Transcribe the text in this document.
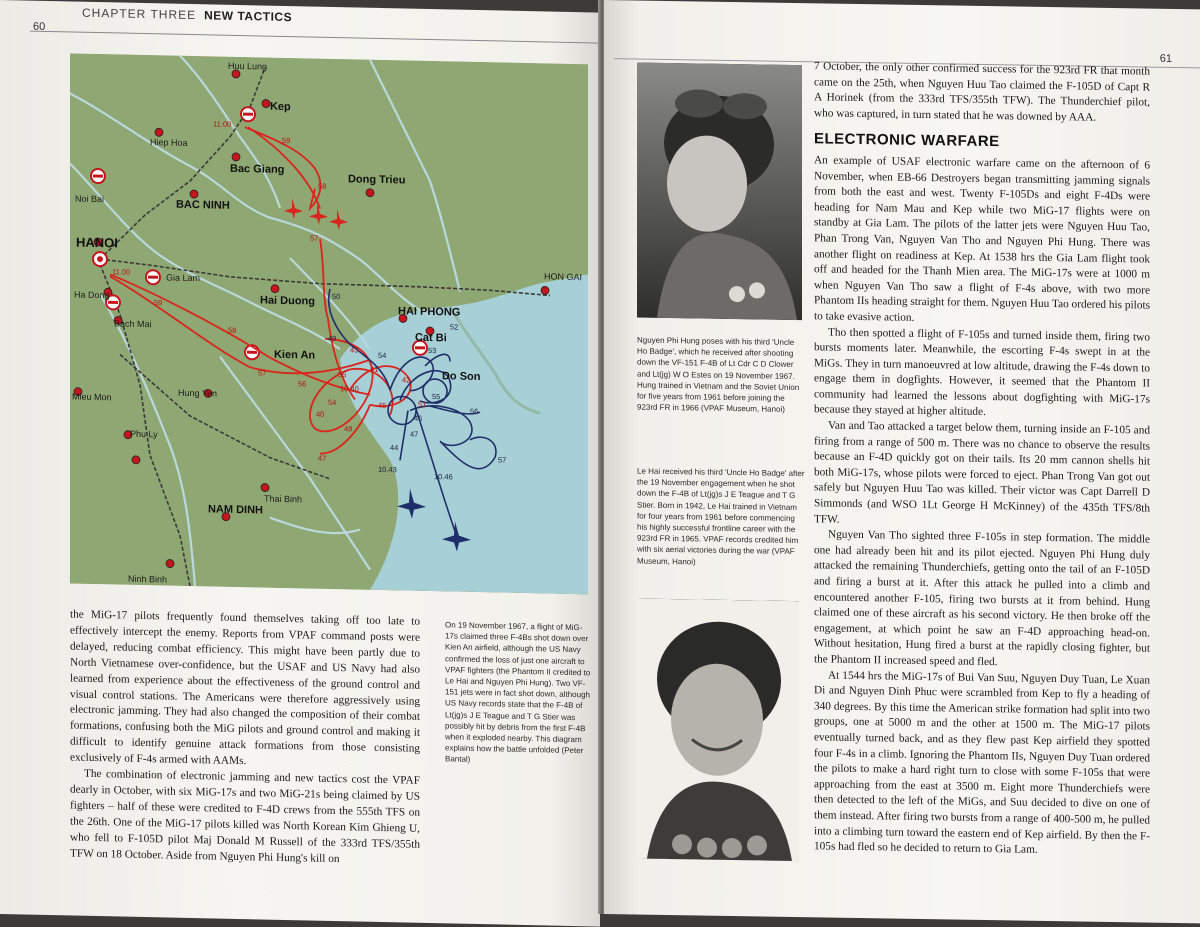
60
CHAPTER THREE NEW TACTICS
Huu Lung
Kep
Hiep Hoa
Bac Giang
Dong Trieu
Noi Bai	BAC NINH
HANOI
Gia Lam	HON GAI
Ha Dong	Hai Duong
HAI PHONG
Bach Mai
Cat Bi
Kien An
Do Son
Hung Yen
Mieu Mon
Phu Ly
NAM DINH
Thai Binh
Ninh Binh
11.00
11.00
59
58
57
59
58
57
56
55
54
43
10.40
40
48
47
41
45	51
42
50
49
52
53
44
47
10.43
10.46
56
57
55
54
46

the MiG-17 pilots frequently found themselves taking off too late to effectively intercept the enemy. Reports from VPAF command posts were delayed, reducing combat efficiency. This might have been partly due to North Vietnamese over-confidence, but the USAF and US Navy had also learned from experience about the effectiveness of the ground control and visual control stations. The Americans were therefore aggressively using electronic jamming. They had also changed the composition of their combat formations, confusing both the MiG pilots and ground control and making it difficult to identify genuine attack formations from those consisting exclusively of F-4s armed with AAMs.

The combination of electronic jamming and new tactics cost the VPAF dearly in October, with six MiG-17s and two MiG-21s being claimed by US fighters – half of these were credited to F-4D crews from the 555th TFS on the 26th. One of the MiG-17 pilots killed was North Korean Kim Ghieng U, who fell to F-105D pilot Maj Donald M Russell of the 333rd TFS/355th TFW on 18 October. Aside from Nguyen Phi Hung's kill on

On 19 November 1967, a flight of MiG-17s claimed three F-4Bs shot down over Kien An airfield, although the US Navy confirmed the loss of just one aircraft to VPAF fighters (the Phantom II credited to Le Hai and Nguyen Phi Hung). Two VF-151 jets were in fact shot down, although US Navy records state that the F-4B of Lt(jg)s J E Teague and T G Stier was possibly hit by debris from the first F-4B when it exploded nearby. This diagram explains how the battle unfolded (Peter Bantal)
61
Nguyen Phi Hung poses with his third 'Uncle Ho Badge', which he received after shooting down the VF-151 F-4B of Lt Cdr C D Clower and Lt(jg) W O Estes on 19 November 1967. Hung trained in Vietnam and the Soviet Union for five years from 1961 before joining the 923rd FR in 1966 (VPAF Museum, Hanoi)
Le Hai received his third 'Uncle Ho Badge' after the 19 November engagement when he shot down the F-4B of Lt(jg)s J E Teague and T G Stier. Born in 1942, Le Hai trained in Vietnam for four years from 1961 before commencing his highly successful frontline career with the 923rd FR in 1965. VPAF records credited him with six aerial victories during the war (VPAF Museum, Hanoi)

7 October, the only other confirmed success for the 923rd FR that month came on the 25th, when Nguyen Huu Tao claimed the F-105D of Capt R A Horinek (from the 333rd TFS/355th TFW). The Thunderchief pilot, who was captured, in turn stated that he was downed by AAA.

ELECTRONIC WARFARE

An example of USAF electronic warfare came on the afternoon of 6 November, when EB-66 Destroyers began transmitting jamming signals from both the east and west. Twenty F-105Ds and eight F-4Ds were heading for Nam Mau and Kep while two MiG-17 flights were on standby at Gia Lam. The pilots of the latter jets were Nguyen Huu Tao, Phan Trong Van, Nguyen Van Tho and Nguyen Phi Hung. There was another flight on readiness at Kep. At 1538 hrs the Gia Lam flight took off and headed for the Thanh Mien area. The MiG-17s were at 1000 m when Nguyen Van Tho saw a flight of F-4s above, with two more Phantom IIs heading straight for them. Nguyen Huu Tao ordered his pilots to take evasive action.

Tho then spotted a flight of F-105s and turned inside them, firing two bursts moments later. Meanwhile, the escorting F-4s swept in at the MiGs. They in turn manoeuvred at low altitude, drawing the F-4s down to engage them in dogfights. However, it seemed that the Phantom II community had learned the lessons about dogfighting with MiG-17s because they stayed at higher altitude.

Van and Tao attacked a target below them, turning inside an F-105 and firing from a range of 500 m. There was no chance to observe the results because an F-4D quickly got on their tails. Its 20 mm cannon shells hit both MiG-17s, whose pilots were forced to eject. Phan Trong Van got out safely but Nguyen Huu Tao was killed. Their victor was Capt Darrell D Simmonds (and WSO 1Lt George H McKinney) of the 435th TFS/8th TFW.

Nguyen Van Tho sighted three F-105s in step formation. The middle one had already been hit and its pilot ejected. Nguyen Phi Hung duly attacked the remaining Thunderchiefs, getting onto the tail of an F-105D and firing a burst at it. After this attack he pulled into a climb and encountered another F-105, firing two bursts at it from behind. Hung claimed one of these aircraft as his second victory. He then broke off the engagement, at which point he saw an F-4D approaching head-on. Without hesitation, Hung fired a burst at the rapidly closing fighter, but the Phantom II increased speed and fled.

At 1544 hrs the MiG-17s of Bui Van Suu, Nguyen Duy Tuan, Le Xuan Di and Nguyen Dinh Phuc were scrambled from Kep to fly a heading of 340 degrees. By this time the American strike formation had split into two groups, one at 5000 m and the other at 1500 m. The MiG-17 pilots eventually turned back, and as they flew past Kep airfield they spotted four F-4s in a climb. Ignoring the Phantom IIs, Nguyen Duy Tuan ordered the pilots to make a hard right turn to close with some F-105s that were approaching from the east at 3500 m. Eight more Thunderchiefs were then detected to the left of the MiGs, and Suu decided to dive on one of them instead. After firing two bursts from a range of 400-500 m, he pulled into a climbing turn toward the eastern end of Kep airfield. By then the F-105s had fled so he decided to return to Gia Lam.
